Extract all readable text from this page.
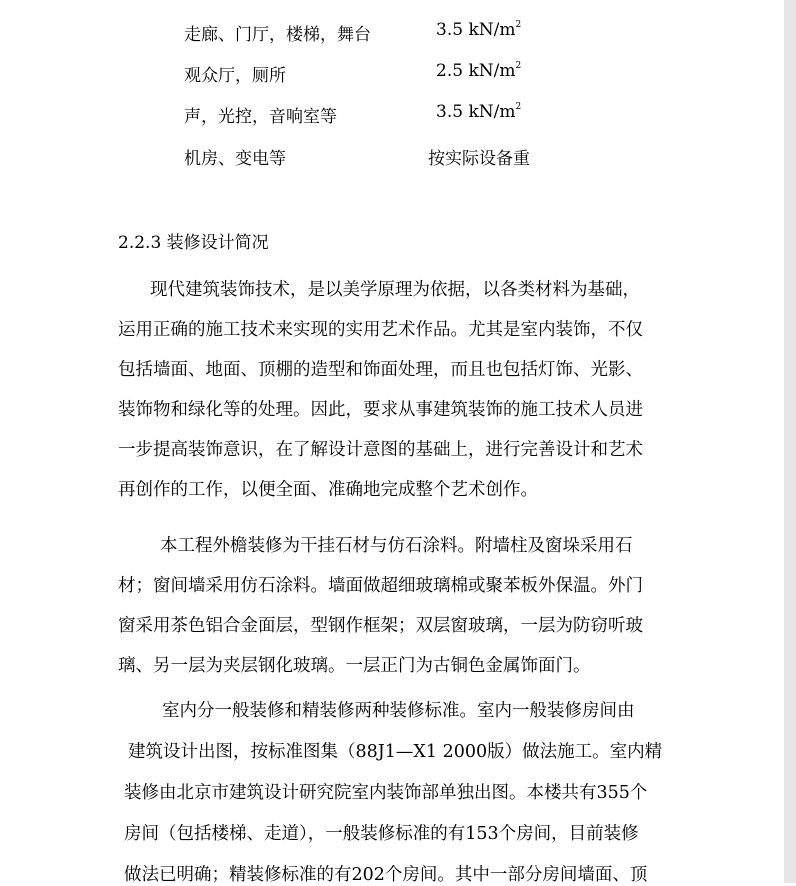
走廊、门厅，楼梯，舞台	3.5 $kN/m^2$
观众厅，厕所	2.5 $kN/m^2$
声，光控，音响室等	3.5 $kN/m^2$
机房、变电等	按实际设备重
2.2.3 装修设计简况
现代建筑装饰技术，是以美学原理为依据，以各类材料为基础，
运用正确的施工技术来实现的实用艺术作品。尤其是室内装饰，不仅
包括墙面、地面、顶棚的造型和饰面处理，而且也包括灯饰、光影、
装饰物和绿化等的处理。因此，要求从事建筑装饰的施工技术人员进
一步提高装饰意识，在了解设计意图的基础上，进行完善设计和艺术
再创作的工作，以便全面、准确地完成整个艺术创作。
本工程外檐装修为干挂石材与仿石涂料。附墙柱及窗垛采用石
材；窗间墙采用仿石涂料。墙面做超细玻璃棉或聚苯板外保温。外门
窗采用茶色铝合金面层，型钢作框架；双层窗玻璃，一层为防窃听玻
璃、另一层为夹层钢化玻璃。一层正门为古铜色金属饰面门。
室内分一般装修和精装修两种装修标准。室内一般装修房间由
建筑设计出图，按标准图集（88J1—X1 2000版）做法施工。室内精
装修由北京市建筑设计研究院室内装饰部单独出图。本楼共有355个
房间（包括楼梯、走道），一般装修标准的有153个房间，目前装修
做法已明确；精装修标准的有202个房间。其中一部分房间墙面、顶
